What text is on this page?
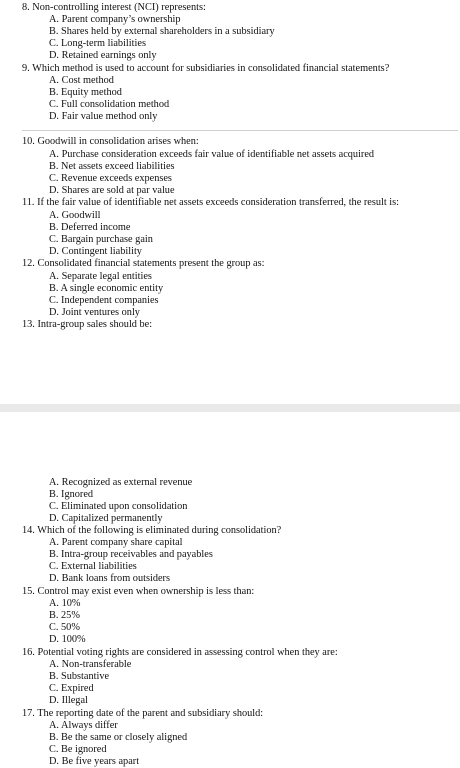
8. Non-controlling interest (NCI) represents:
A. Parent company’s ownership
B. Shares held by external shareholders in a subsidiary
C. Long-term liabilities
D. Retained earnings only
9. Which method is used to account for subsidiaries in consolidated financial statements?
A. Cost method
B. Equity method
C. Full consolidation method
D. Fair value method only
10. Goodwill in consolidation arises when:
A. Purchase consideration exceeds fair value of identifiable net assets acquired
B. Net assets exceed liabilities
C. Revenue exceeds expenses
D. Shares are sold at par value
11. If the fair value of identifiable net assets exceeds consideration transferred, the result is:
A. Goodwill
B. Deferred income
C. Bargain purchase gain
D. Contingent liability
12. Consolidated financial statements present the group as:
A. Separate legal entities
B. A single economic entity
C. Independent companies
D. Joint ventures only
13. Intra-group sales should be:
A. Recognized as external revenue
B. Ignored
C. Eliminated upon consolidation
D. Capitalized permanently
14. Which of the following is eliminated during consolidation?
A. Parent company share capital
B. Intra-group receivables and payables
C. External liabilities
D. Bank loans from outsiders
15. Control may exist even when ownership is less than:
A. 10%
B. 25%
C. 50%
D. 100%
16. Potential voting rights are considered in assessing control when they are:
A. Non-transferable
B. Substantive
C. Expired
D. Illegal
17. The reporting date of the parent and subsidiary should:
A. Always differ
B. Be the same or closely aligned
C. Be ignored
D. Be five years apart
